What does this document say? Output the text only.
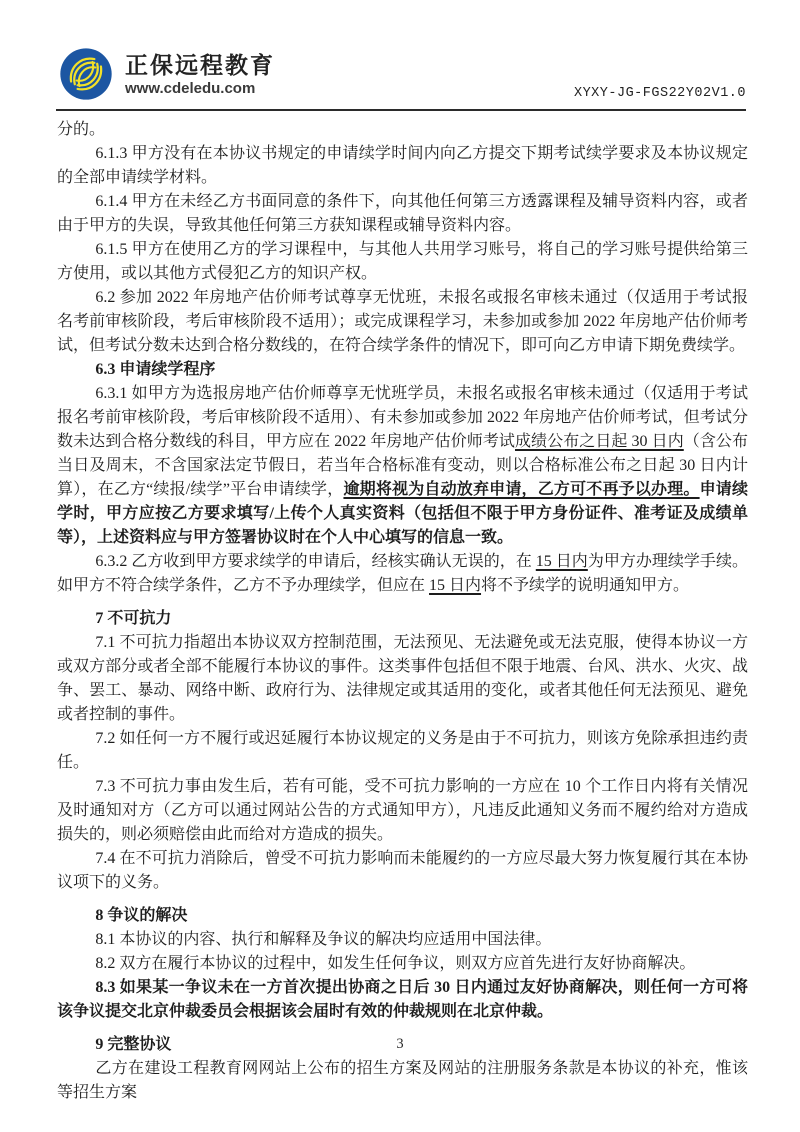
正保远程教育
www.cdeledu.com	XYXY-JG-FGS22Y02V1.0

分的。

6.1.3 甲方没有在本协议书规定的申请续学时间内向乙方提交下期考试续学要求及本协议规定的全部申请续学材料。

6.1.4 甲方在未经乙方书面同意的条件下，向其他任何第三方透露课程及辅导资料内容，或者由于甲方的失误，导致其他任何第三方获知课程或辅导资料内容。

6.1.5 甲方在使用乙方的学习课程中，与其他人共用学习账号，将自己的学习账号提供给第三方使用，或以其他方式侵犯乙方的知识产权。

6.2 参加 2022 年房地产估价师考试尊享无忧班，未报名或报名审核未通过（仅适用于考试报名考前审核阶段，考后审核阶段不适用）；或完成课程学习，未参加或参加 2022 年房地产估价师考试，但考试分数未达到合格分数线的，在符合续学条件的情况下，即可向乙方申请下期免费续学。

6.3 申请续学程序

6.3.1 如甲方为选报房地产估价师尊享无忧班学员，未报名或报名审核未通过（仅适用于考试报名考前审核阶段，考后审核阶段不适用）、有未参加或参加 2022 年房地产估价师考试，但考试分数未达到合格分数线的科目，甲方应在 2022 年房地产估价师考试成绩公布之日起 30 日内（含公布当日及周末，不含国家法定节假日，若当年合格标准有变动，则以合格标准公布之日起 30 日内计算），在乙方“续报/续学”平台申请续学，逾期将视为自动放弃申请，乙方可不再予以办理。申请续学时，甲方应按乙方要求填写/上传个人真实资料（包括但不限于甲方身份证件、准考证及成绩单等），上述资料应与甲方签署协议时在个人中心填写的信息一致。

6.3.2 乙方收到甲方要求续学的申请后，经核实确认无误的，在 15 日内为甲方办理续学手续。如甲方不符合续学条件，乙方不予办理续学，但应在 15 日内将不予续学的说明通知甲方。

7 不可抗力

7.1 不可抗力指超出本协议双方控制范围，无法预见、无法避免或无法克服，使得本协议一方或双方部分或者全部不能履行本协议的事件。这类事件包括但不限于地震、台风、洪水、火灾、战争、罢工、暴动、网络中断、政府行为、法律规定或其适用的变化，或者其他任何无法预见、避免或者控制的事件。

7.2 如任何一方不履行或迟延履行本协议规定的义务是由于不可抗力，则该方免除承担违约责任。

7.3 不可抗力事由发生后，若有可能，受不可抗力影响的一方应在 10 个工作日内将有关情况及时通知对方（乙方可以通过网站公告的方式通知甲方），凡违反此通知义务而不履约给对方造成损失的，则必须赔偿由此而给对方造成的损失。

7.4 在不可抗力消除后，曾受不可抗力影响而未能履约的一方应尽最大努力恢复履行其在本协议项下的义务。

8 争议的解决

8.1 本协议的内容、执行和解释及争议的解决均应适用中国法律。

8.2 双方在履行本协议的过程中，如发生任何争议，则双方应首先进行友好协商解决。

8.3 如果某一争议未在一方首次提出协商之日后 30 日内通过友好协商解决，则任何一方可将该争议提交北京仲裁委员会根据该会届时有效的仲裁规则在北京仲裁。

9 完整协议

乙方在建设工程教育网网站上公布的招生方案及网站的注册服务条款是本协议的补充，惟该等招生方案

3
